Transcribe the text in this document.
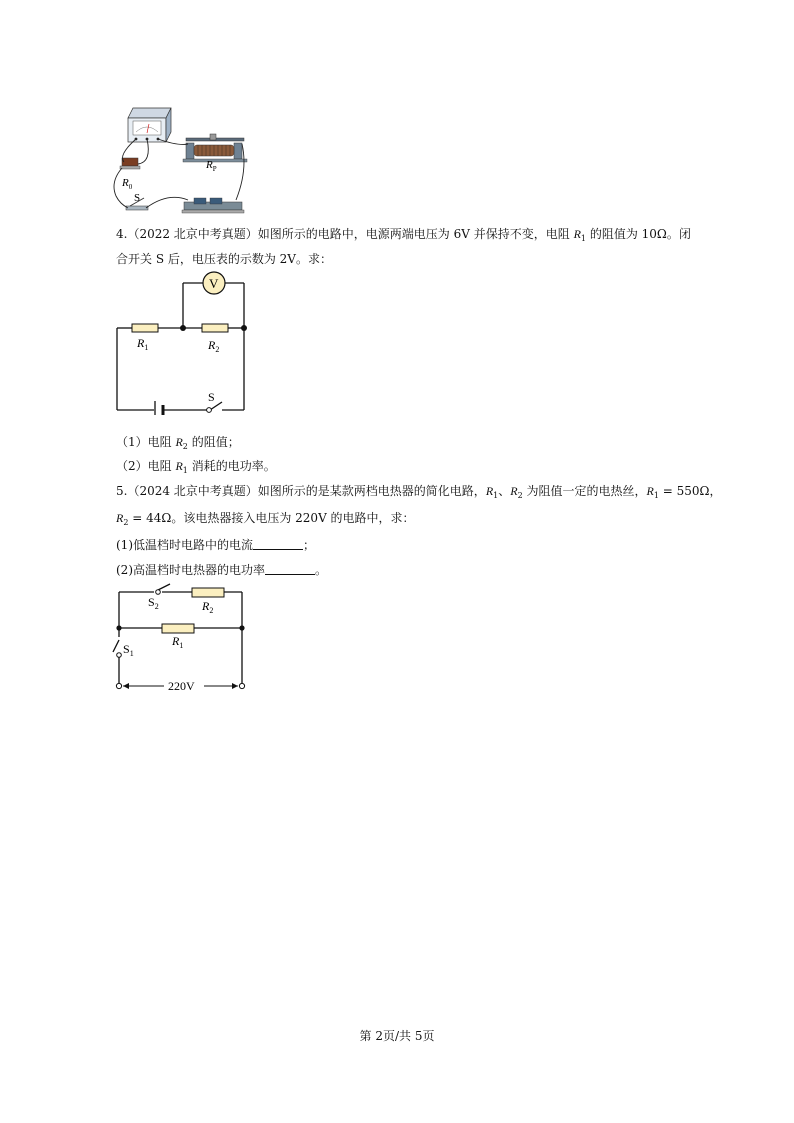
$R_0$
$R_P$
S
4.（2022 北京中考真题）如图所示的电路中，电源两端电压为 6V 并保持不变，电阻 $R_1$ 的阻值为 10Ω。闭
合开关 S 后，电压表的示数为 2V。求：
V
$R_1$	$R_2$
S
（1）电阻 $R_2$ 的阻值；
（2）电阻 $R_1$ 消耗的电功率。
5.（2024 北京中考真题）如图所示的是某款两档电热器的简化电路，$R_1$、$R_2$ 为阻值一定的电热丝，$R_1 = 550\Omega$，
$R_2 = 44\Omega$。该电热器接入电压为 220V 的电路中，求：
(1)低温档时电路中的电流	；
(2)高温档时电热器的电功率	。
220V
$S_2$	$R_2$
$R_1$
$S_1$
第 2页/共 5页
